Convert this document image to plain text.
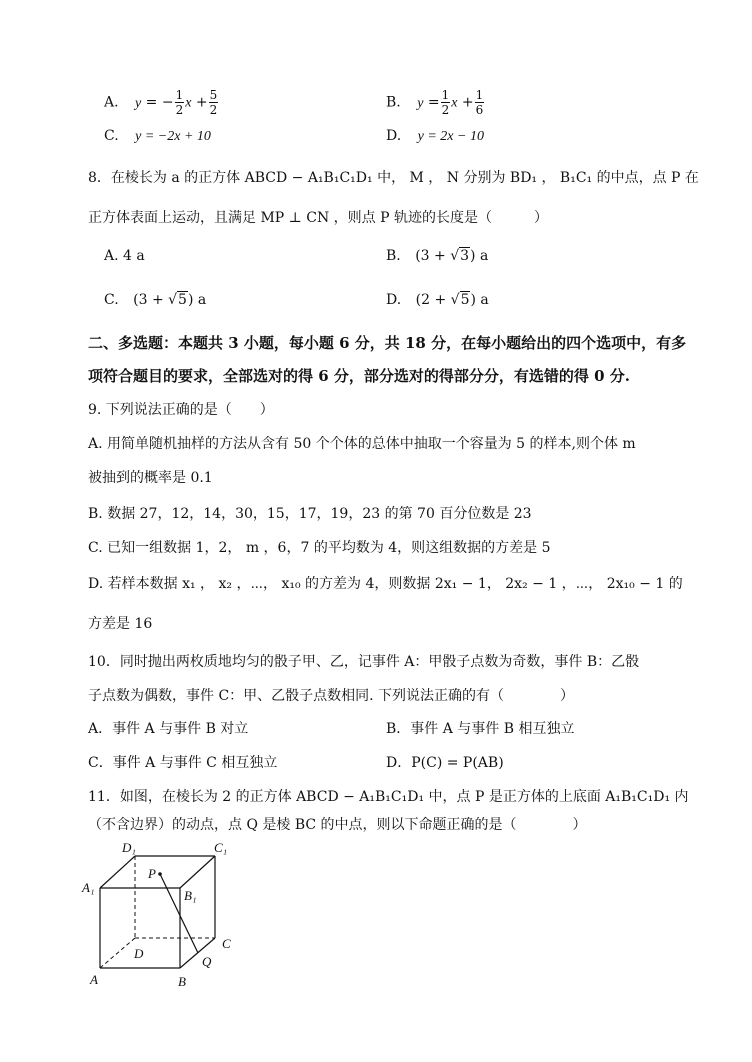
A. y = − $\frac{1}{2}$ $x + \frac{5}{2}$	B. $y = \frac{1}{2}$ $x + \frac{1}{6}$
C. y = −2x + 10	D. y = 2x − 10
8．在棱长为 a 的正方体 ABCD − A₁B₁C₁D₁ 中， M ， N 分别为 BD₁ ， B₁C₁ 的中点，点 P 在
正方体表面上运动，且满足 MP ⊥ CN ，则点 P 轨迹的长度是（　　　）
A. 4 a	B. (3 + √3) a
C. (3 + √5) a	D. (2 + √5) a
二、多选题：本题共 3 小题，每小题 6 分，共 18 分，在每小题给出的四个选项中，有多
项符合题目的要求，全部选对的得 6 分，部分选对的得部分分，有选错的得 0 分.
9. 下列说法正确的是（　　）
A. 用简单随机抽样的方法从含有 50 个个体的总体中抽取一个容量为 5 的样本,则个体 m
被抽到的概率是 0.1
B. 数据 27，12，14，30，15，17，19，23 的第 70 百分位数是 23
C. 已知一组数据 1，2， m ，6，7 的平均数为 4，则这组数据的方差是 5
D. 若样本数据 x₁ ， x₂ ，⋯， x₁₀ 的方差为 4，则数据 2x₁ − 1， 2x₂ − 1 ，⋯， 2x₁₀ − 1 的
方差是 16
10．同时抛出两枚质地均匀的骰子甲、乙，记事件 A：甲骰子点数为奇数，事件 B：乙骰
子点数为偶数，事件 C：甲、乙骰子点数相同. 下列说法正确的有（　　　　）
A．事件 A 与事件 B 对立	B．事件 A 与事件 B 相互独立
C．事件 A 与事件 C 相互独立	D．P(C) = P(AB)
11．如图，在棱长为 2 的正方体 ABCD − A₁B₁C₁D₁ 中，点 P 是正方体的上底面 A₁B₁C₁D₁ 内
（不含边界）的动点，点 Q 是棱 BC 的中点，则以下命题正确的是（　　　　）
D₁	C₁
A₁
B₁
P
C
D
Q
A	B
